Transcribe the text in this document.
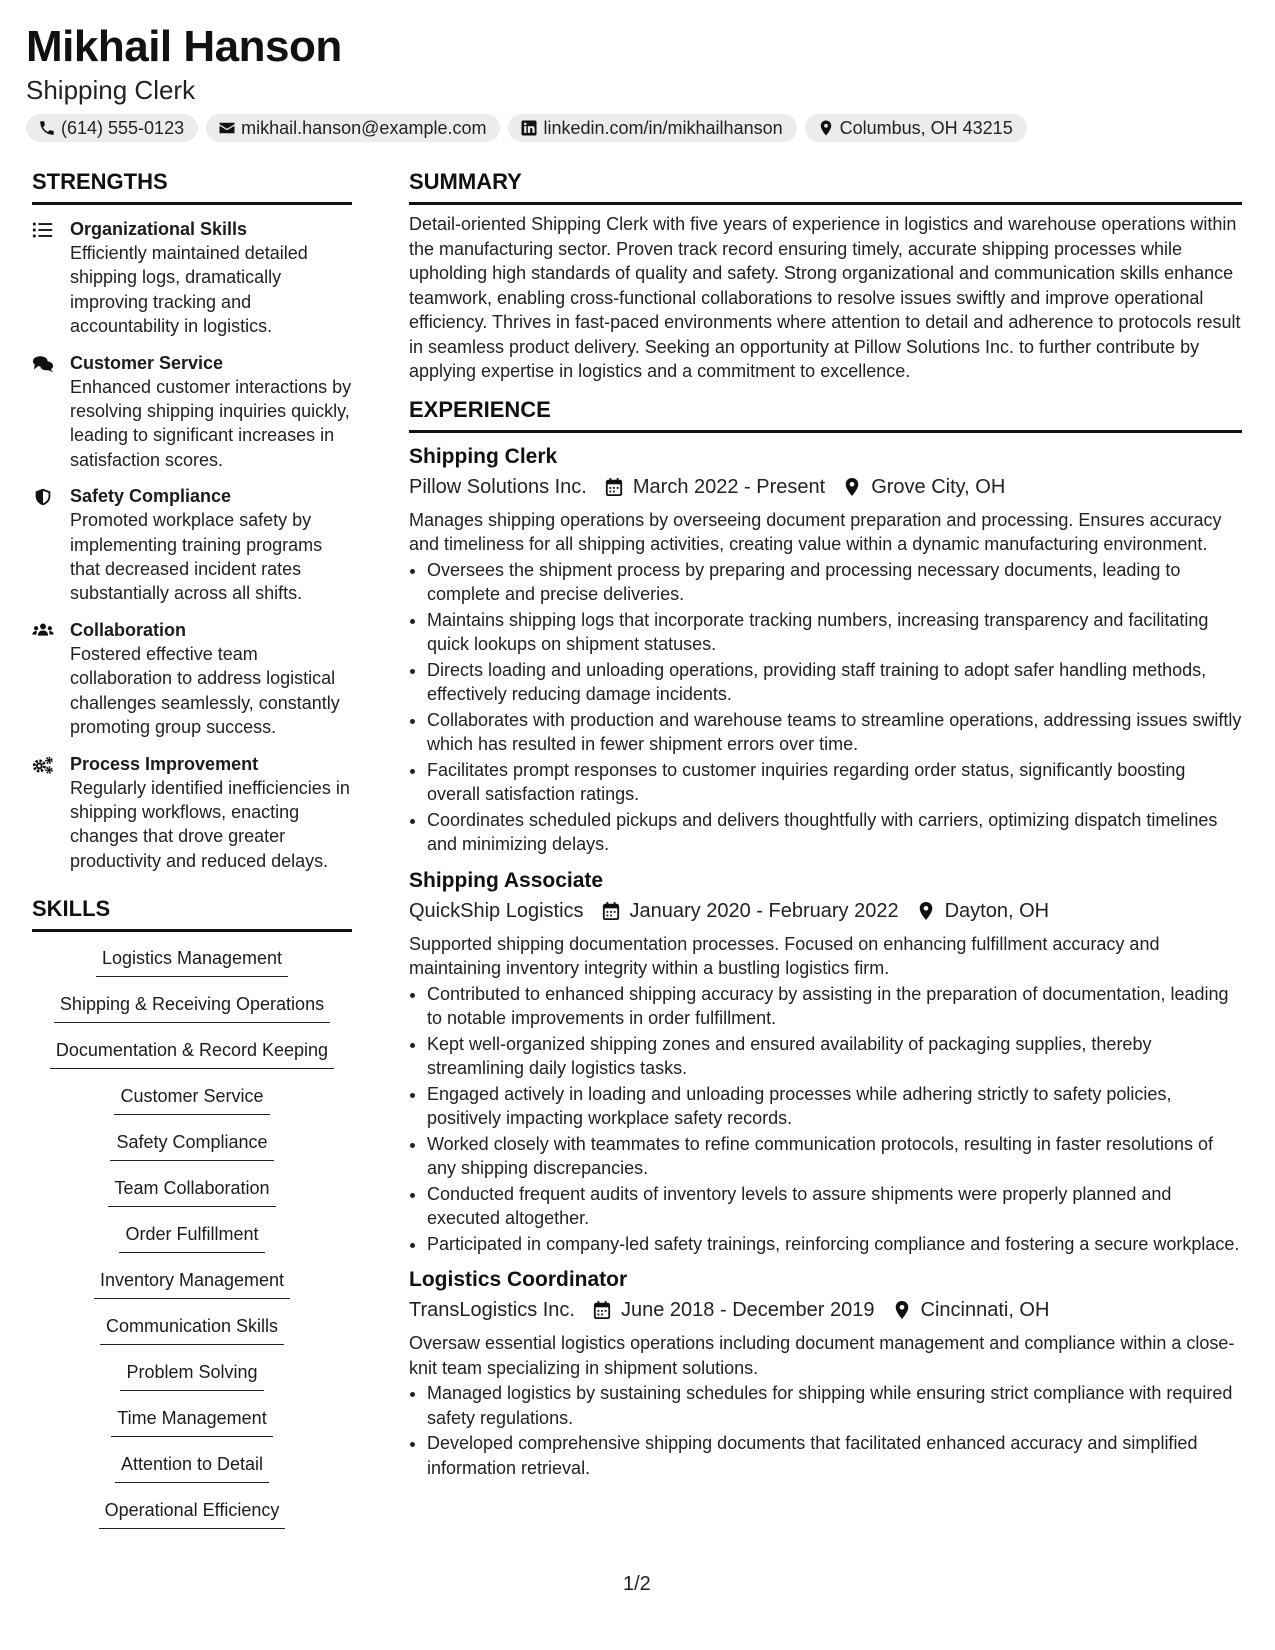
Mikhail Hanson
Shipping Clerk
(614) 555-0123	mikhail.hanson@example.com	linkedin.com/in/mikhailhanson	Columbus, OH 43215
STRENGTHS
Organizational Skills
Efficiently maintained detailed shipping logs, dramatically improving tracking and accountability in logistics.
Customer Service
Enhanced customer interactions by resolving shipping inquiries quickly, leading to significant increases in satisfaction scores.
Safety Compliance
Promoted workplace safety by implementing training programs that decreased incident rates substantially across all shifts.
Collaboration
Fostered effective team collaboration to address logistical challenges seamlessly, constantly promoting group success.
Process Improvement
Regularly identified inefficiencies in shipping workflows, enacting changes that drove greater productivity and reduced delays.
SKILLS
Logistics Management
Shipping & Receiving Operations
Documentation & Record Keeping
Customer Service
Safety Compliance
Team Collaboration
Order Fulfillment
Inventory Management
Communication Skills
Problem Solving
Time Management
Attention to Detail
Operational Efficiency
SUMMARY
Detail-oriented Shipping Clerk with five years of experience in logistics and warehouse operations within the manufacturing sector. Proven track record ensuring timely, accurate shipping processes while upholding high standards of quality and safety. Strong organizational and communication skills enhance teamwork, enabling cross-functional collaborations to resolve issues swiftly and improve operational efficiency. Thrives in fast-paced environments where attention to detail and adherence to protocols result in seamless product delivery. Seeking an opportunity at Pillow Solutions Inc. to further contribute by applying expertise in logistics and a commitment to excellence.
EXPERIENCE
Shipping Clerk
Pillow Solutions Inc. March 2022 - Present Grove City, OH
Manages shipping operations by overseeing document preparation and processing. Ensures accuracy and timeliness for all shipping activities, creating value within a dynamic manufacturing environment.
• Oversees the shipment process by preparing and processing necessary documents, leading to complete and precise deliveries.
• Maintains shipping logs that incorporate tracking numbers, increasing transparency and facilitating quick lookups on shipment statuses.
• Directs loading and unloading operations, providing staff training to adopt safer handling methods, effectively reducing damage incidents.
• Collaborates with production and warehouse teams to streamline operations, addressing issues swiftly which has resulted in fewer shipment errors over time.
• Facilitates prompt responses to customer inquiries regarding order status, significantly boosting overall satisfaction ratings.
• Coordinates scheduled pickups and delivers thoughtfully with carriers, optimizing dispatch timelines and minimizing delays.
Shipping Associate
QuickShip Logistics January 2020 - February 2022 Dayton, OH
Supported shipping documentation processes. Focused on enhancing fulfillment accuracy and maintaining inventory integrity within a bustling logistics firm.
• Contributed to enhanced shipping accuracy by assisting in the preparation of documentation, leading to notable improvements in order fulfillment.
• Kept well-organized shipping zones and ensured availability of packaging supplies, thereby streamlining daily logistics tasks.
• Engaged actively in loading and unloading processes while adhering strictly to safety policies, positively impacting workplace safety records.
• Worked closely with teammates to refine communication protocols, resulting in faster resolutions of any shipping discrepancies.
• Conducted frequent audits of inventory levels to assure shipments were properly planned and executed altogether.
• Participated in company-led safety trainings, reinforcing compliance and fostering a secure workplace.
Logistics Coordinator
TransLogistics Inc. June 2018 - December 2019 Cincinnati, OH
Oversaw essential logistics operations including document management and compliance within a close-knit team specializing in shipment solutions.
• Managed logistics by sustaining schedules for shipping while ensuring strict compliance with required safety regulations.
• Developed comprehensive shipping documents that facilitated enhanced accuracy and simplified information retrieval.
1/2
